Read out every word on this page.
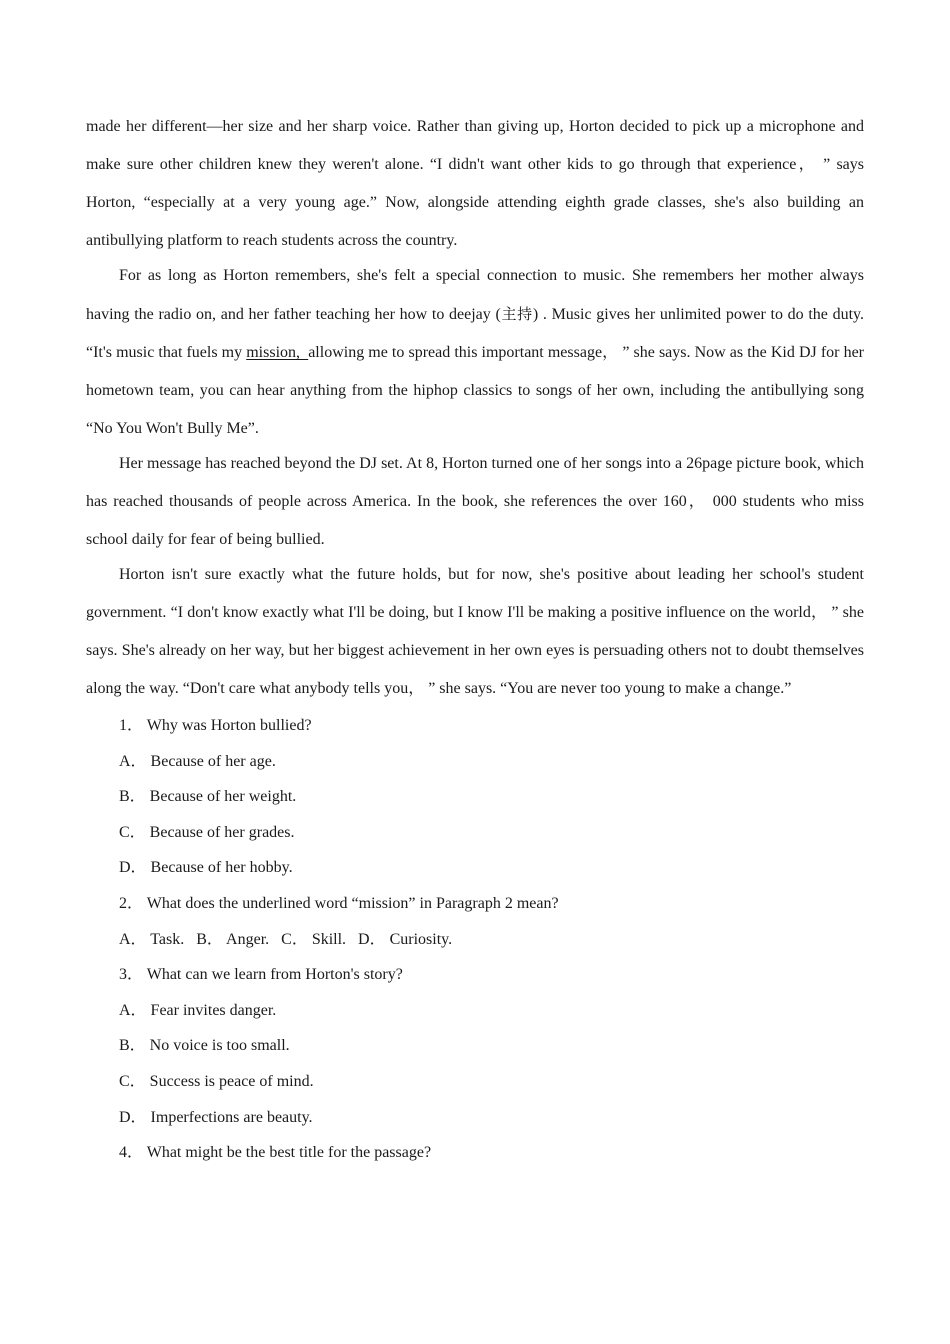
made her different—her size and her sharp voice. Rather than giving up, Horton decided to pick up a microphone and make sure other children knew they weren't alone. “I didn't want other kids to go through that experience， ” says Horton, “especially at a very young age.” Now, alongside attending eighth grade classes, she's also building an antibullying platform to reach students across the country.

For as long as Horton remembers, she's felt a special connection to music. She remembers her mother always having the radio on, and her father teaching her how to deejay (主持) . Music gives her unlimited power to do the duty. “It's music that fuels my mission,  allowing me to spread this important message， ” she says. Now as the Kid DJ for her hometown team, you can hear anything from the hiphop classics to songs of her own, including the antibullying song “No You Won't Bully Me”.

Her message has reached beyond the DJ set. At 8, Horton turned one of her songs into a 26page picture book, which has reached thousands of people across America. In the book, she references the over 160， 000 students who miss school daily for fear of being bullied.

Horton isn't sure exactly what the future holds, but for now, she's positive about leading her school's student government. “I don't know exactly what I'll be doing, but I know I'll be making a positive influence on the world， ” she says. She's already on her way, but her biggest achievement in her own eyes is persuading others not to doubt themselves along the way. “Don't care what anybody tells you， ” she says. “You are never too young to make a change.”

1． Why was Horton bullied?

A． Because of her age.

B． Because of her weight.

C． Because of her grades.

D． Because of her hobby.

2． What does the underlined word “mission” in Paragraph 2 mean?

A． Task.   B． Anger.   C． Skill.   D． Curiosity.

3． What can we learn from Horton's story?

A． Fear invites danger.

B． No voice is too small.

C． Success is peace of mind.

D． Imperfections are beauty.

4． What might be the best title for the passage?
